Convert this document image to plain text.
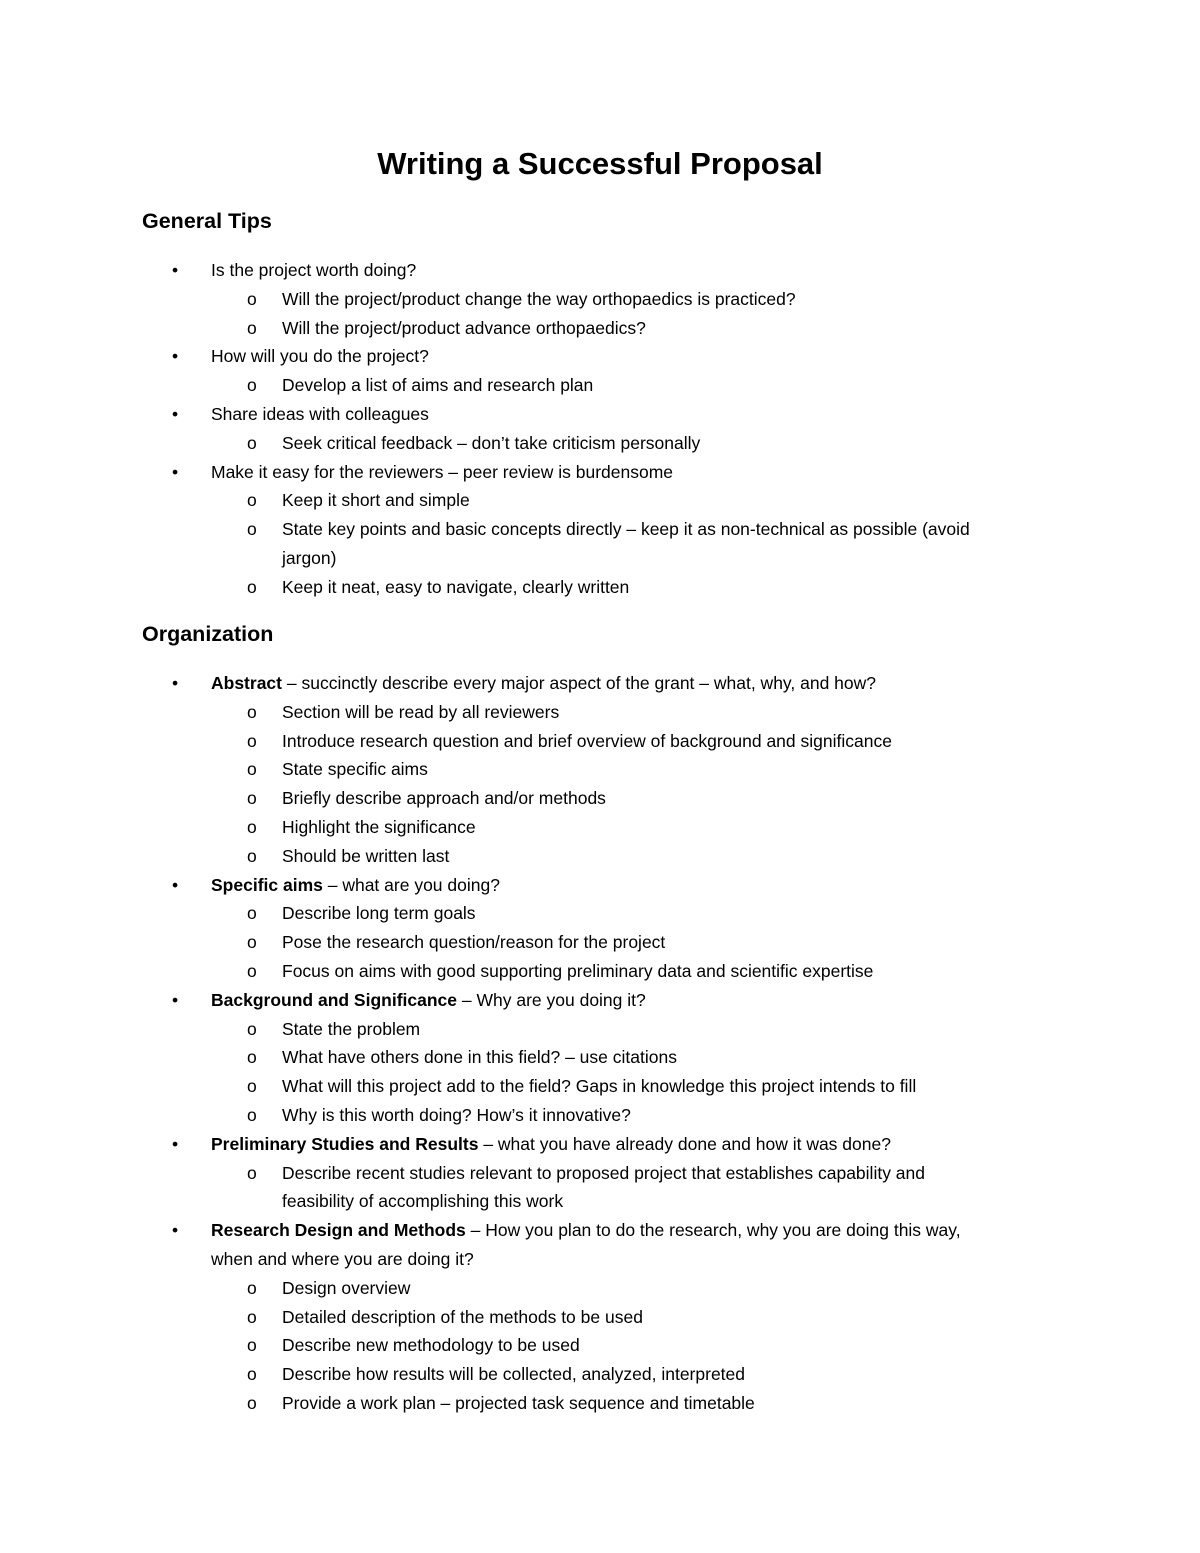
Writing a Successful Proposal
General Tips
•	Is the project worth doing?
o Will the project/product change the way orthopaedics is practiced?
o Will the project/product advance orthopaedics?
•	How will you do the project?
o Develop a list of aims and research plan
•	Share ideas with colleagues
o Seek critical feedback – don’t take criticism personally
•	Make it easy for the reviewers – peer review is burdensome
o Keep it short and simple
o State key points and basic concepts directly – keep it as non-technical as possible (avoid
jargon)
o Keep it neat, easy to navigate, clearly written
Organization
•	Abstract – succinctly describe every major aspect of the grant – what, why, and how?
o Section will be read by all reviewers
o Introduce research question and brief overview of background and significance
o State specific aims
o Briefly describe approach and/or methods
o Highlight the significance
o Should be written last
•	Specific aims – what are you doing?
o Describe long term goals
o Pose the research question/reason for the project
o Focus on aims with good supporting preliminary data and scientific expertise
•	Background and Significance – Why are you doing it?
o State the problem
o What have others done in this field? – use citations
o What will this project add to the field? Gaps in knowledge this project intends to fill
o Why is this worth doing? How’s it innovative?
•	Preliminary Studies and Results – what you have already done and how it was done?
o Describe recent studies relevant to proposed project that establishes capability and
feasibility of accomplishing this work
•	Research Design and Methods – How you plan to do the research, why you are doing this way,
when and where you are doing it?
o Design overview
o Detailed description of the methods to be used
o Describe new methodology to be used
o Describe how results will be collected, analyzed, interpreted
o Provide a work plan – projected task sequence and timetable
